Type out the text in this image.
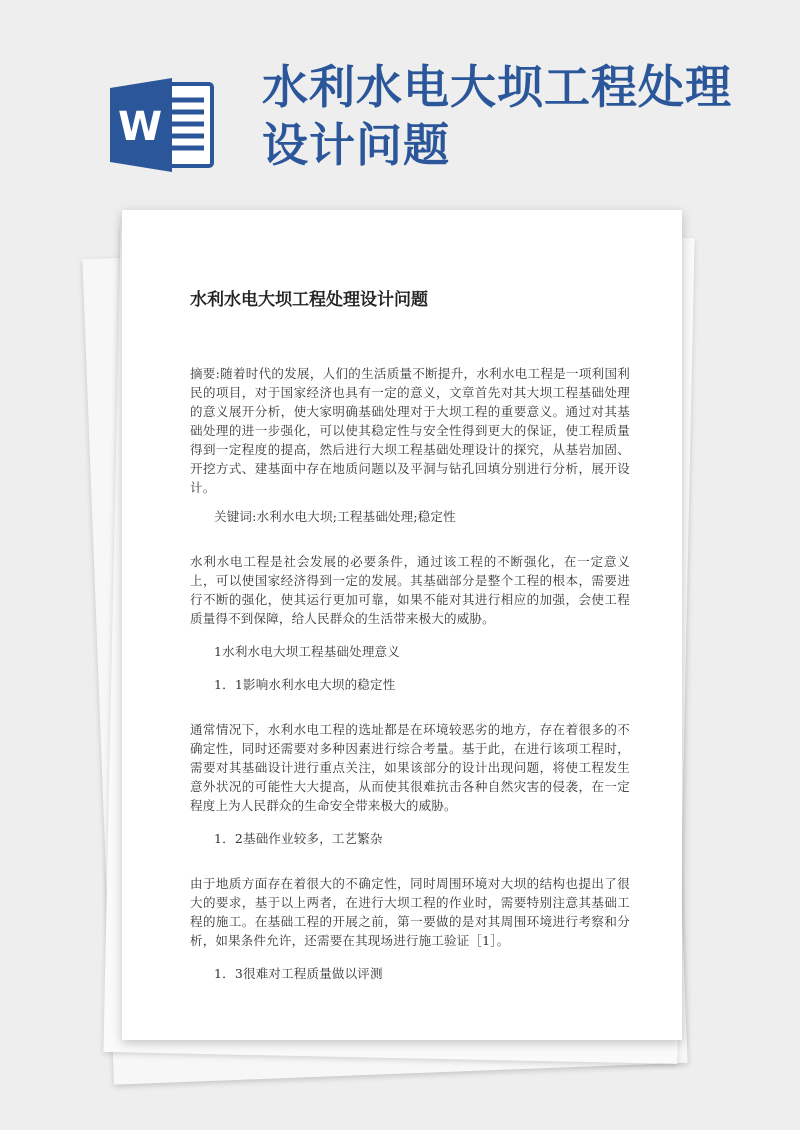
W
水利水电大坝工程处理设计问题
水利水电大坝工程处理设计问题

摘要:随着时代的发展，人们的生活质量不断提升，水利水电工程是一项利国利民的项目，对于国家经济也具有一定的意义，文章首先对其大坝工程基础处理的意义展开分析，使大家明确基础处理对于大坝工程的重要意义。通过对其基础处理的进一步强化，可以使其稳定性与安全性得到更大的保证，使工程质量得到一定程度的提高，然后进行大坝工程基础处理设计的探究，从基岩加固、开挖方式、建基面中存在地质问题以及平洞与钻孔回填分别进行分析，展开设计。

关键词:水利水电大坝;工程基础处理;稳定性

水利水电工程是社会发展的必要条件，通过该工程的不断强化，在一定意义上，可以使国家经济得到一定的发展。其基础部分是整个工程的根本，需要进行不断的强化，使其运行更加可靠，如果不能对其进行相应的加强，会使工程质量得不到保障，给人民群众的生活带来极大的威胁。

1水利水电大坝工程基础处理意义

1．1影响水利水电大坝的稳定性

通常情况下，水利水电工程的选址都是在环境较恶劣的地方，存在着很多的不确定性，同时还需要对多种因素进行综合考量。基于此，在进行该项工程时，需要对其基础设计进行重点关注，如果该部分的设计出现问题，将使工程发生意外状况的可能性大大提高，从而使其很难抗击各种自然灾害的侵袭，在一定程度上为人民群众的生命安全带来极大的威胁。

1．2基础作业较多，工艺繁杂

由于地质方面存在着很大的不确定性，同时周围环境对大坝的结构也提出了很大的要求，基于以上两者，在进行大坝工程的作业时，需要特别注意其基础工程的施工。在基础工程的开展之前，第一要做的是对其周围环境进行考察和分析，如果条件允许，还需要在其现场进行施工验证［1］。

1．3很难对工程质量做以评测
